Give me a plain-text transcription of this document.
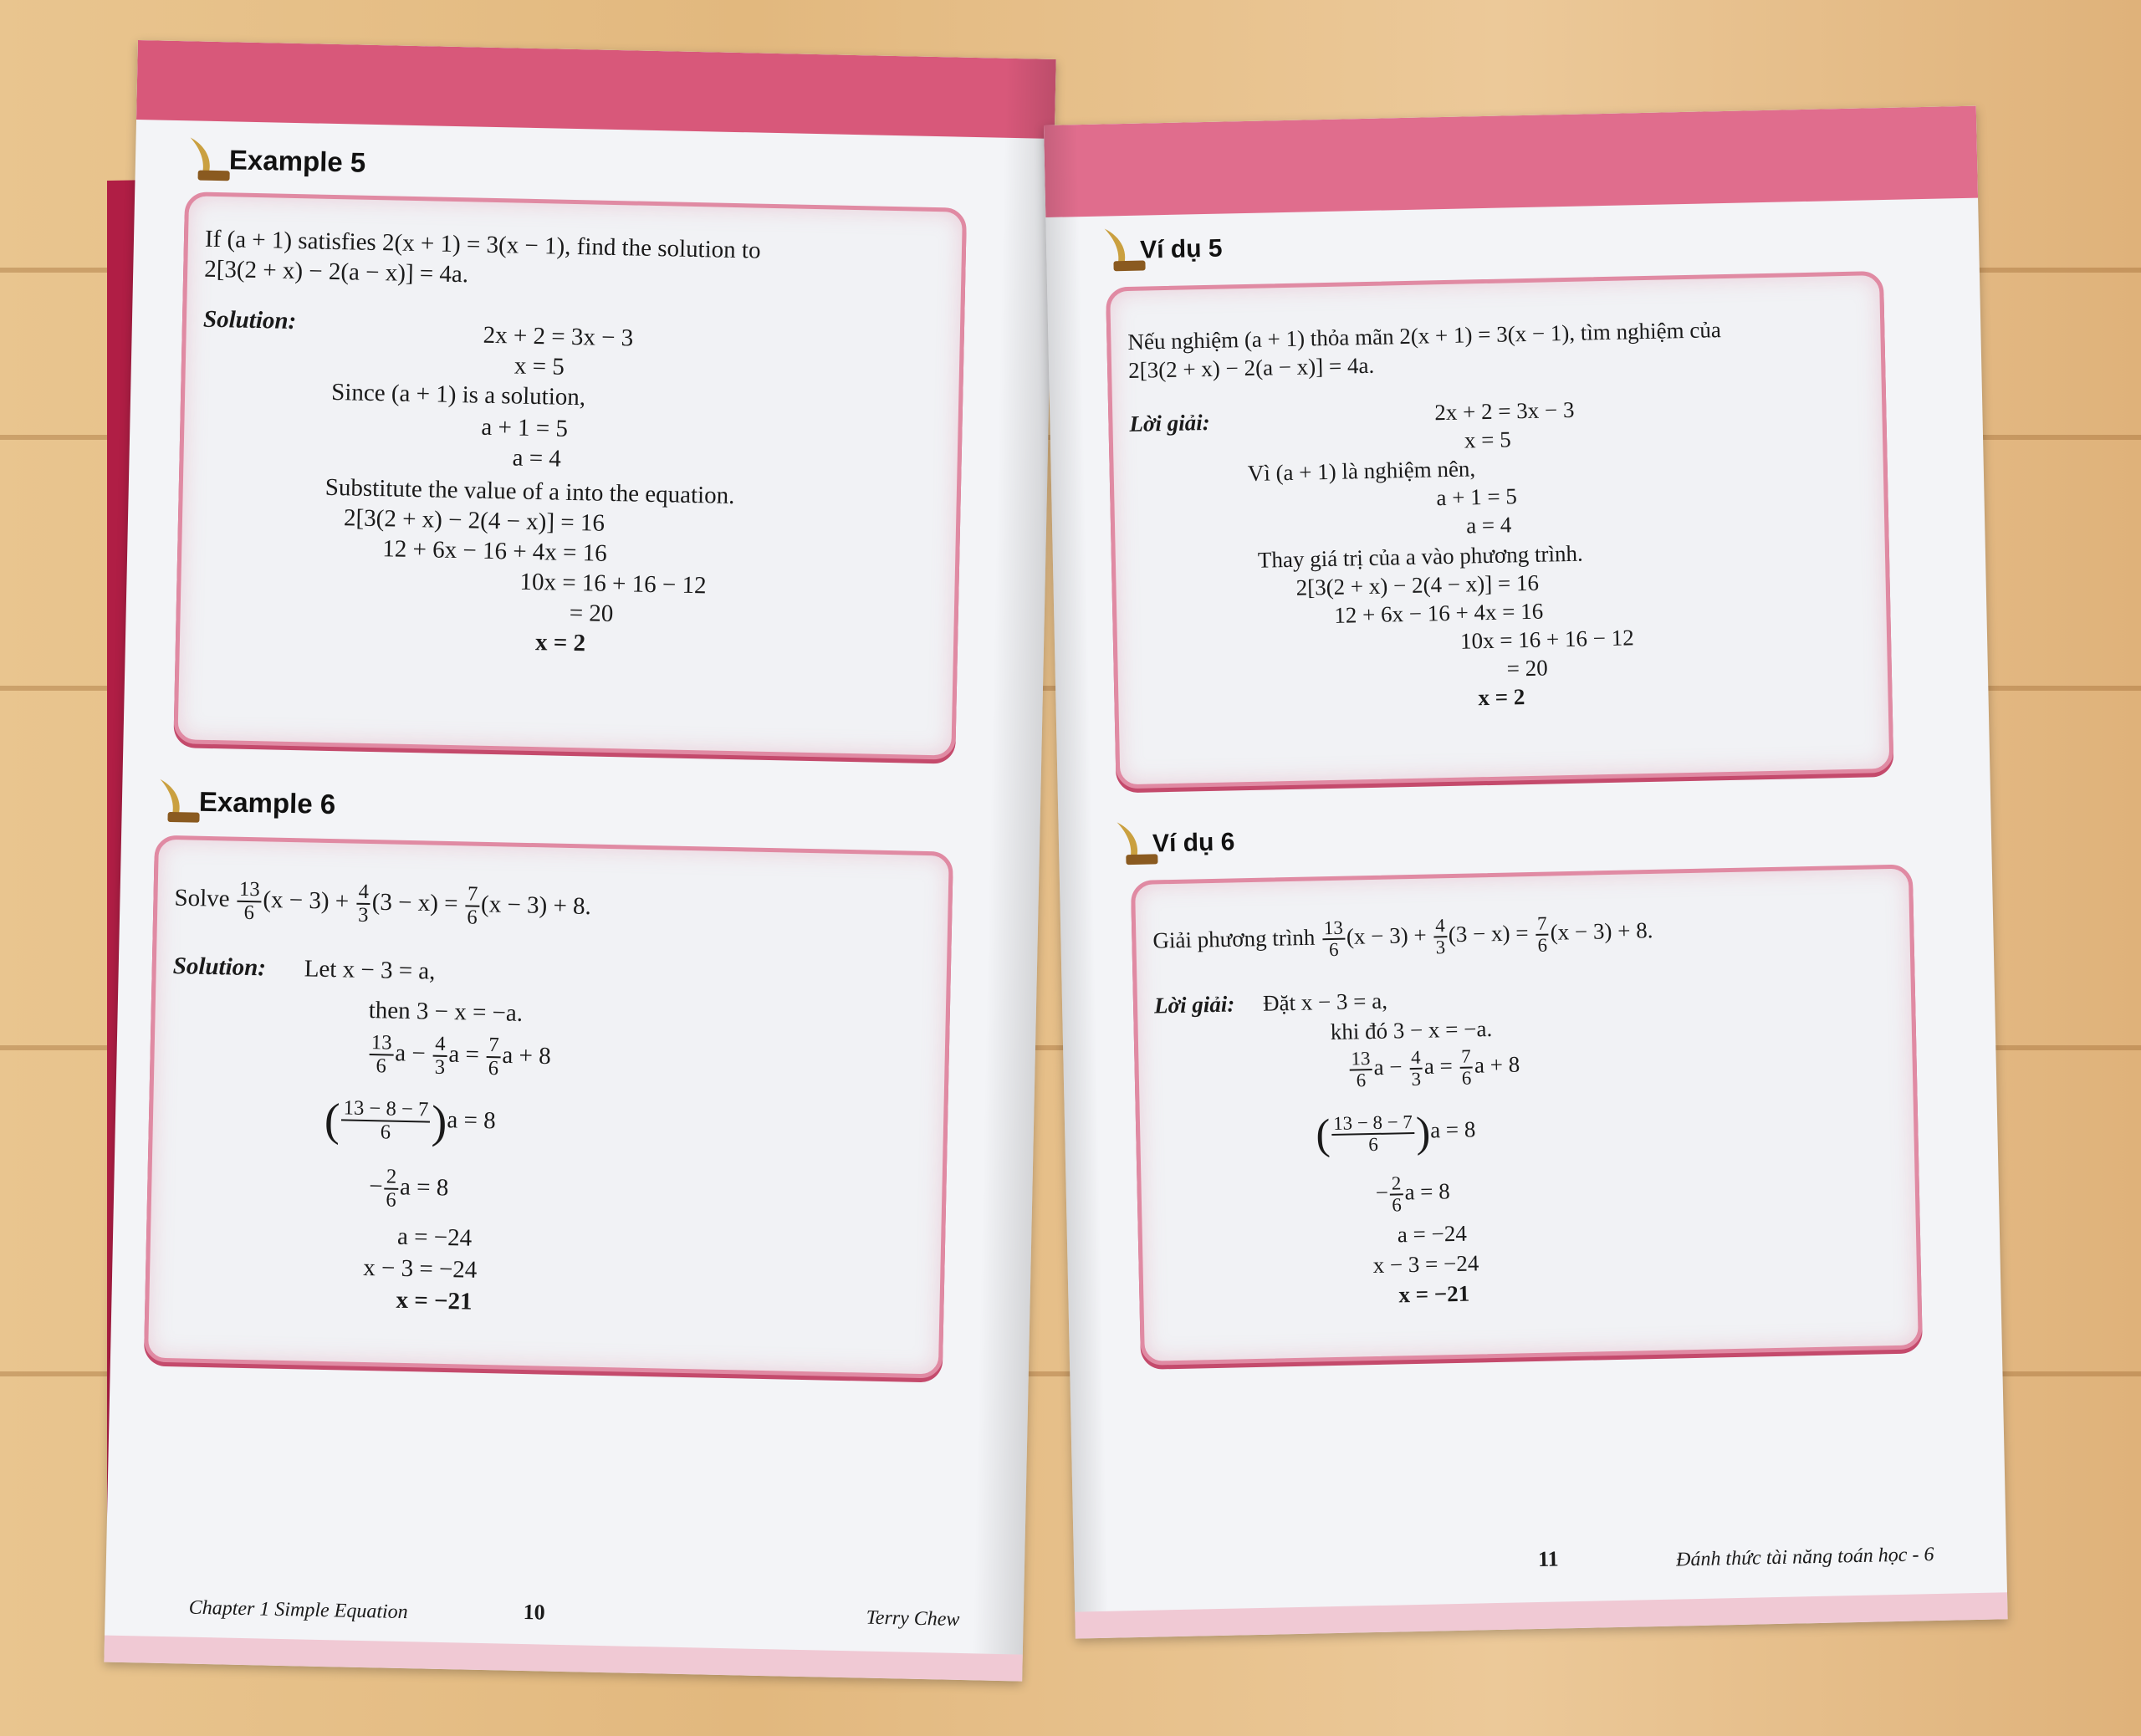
Example 5
If (a + 1) satisfies 2(x + 1) = 3(x − 1), find the solution to
2[3(2 + x) − 2(a − x)] = 4a.
Solution:
2x + 2 = 3x − 3
x = 5
Since (a + 1) is a solution,
a + 1 = 5
a = 4
Substitute the value of a into the equation.
2[3(2 + x) − 2(4 − x)] = 16
12 + 6x − 16 + 4x = 16
10x = 16 + 16 − 12
= 20
x = 2
Example 6
Solve $\frac{13}{6} (x - 3) + \frac{4}{3} (3 - x) = \frac{7}{6} (x - 3) + 8$.
Solution: Let x − 3 = a,
then 3 − x = −a.
$\frac{13}{6}$ $a - \frac{4}{3}$ $a = \frac{7}{6}$ a + 8
( $\frac{13 - 8 - 7}{6} )a = 8$
− $\frac{2}{6}$ a = 8
a = −24
x − 3 = −24
x = −21
Chapter 1 Simple Equation	10	Terry Chew
Ví dụ 5
Nếu nghiệm (a + 1) thỏa mãn 2(x + 1) = 3(x − 1), tìm nghiệm của
2[3(2 + x) − 2(a − x)] = 4a.
Lời giải:	2x + 2 = 3x − 3
x = 5
Vì (a + 1) là nghiệm nên,
a + 1 = 5
a = 4
Thay giá trị của a vào phương trình.
2[3(2 + x) − 2(4 − x)] = 16
12 + 6x − 16 + 4x = 16
10x = 16 + 16 − 12
= 20
x = 2
Ví dụ 6
Giải phương trình $\frac{13}{6} (x - 3) + \frac{4}{3} (3 - x) = \frac{7}{6} (x - 3) + 8$.
Lời giải: Đặt x − 3 = a,
khi đó 3 − x = −a.
$\frac{13}{6}$ $a - \frac{4}{3}$ $a = \frac{7}{6}$ a + 8
( $\frac{13 - 8 - 7}{6} )a = 8$
− $\frac{2}{6}$ a = 8
a = −24
x − 3 = −24
x = −21
11	Đánh thức tài năng toán học - 6
